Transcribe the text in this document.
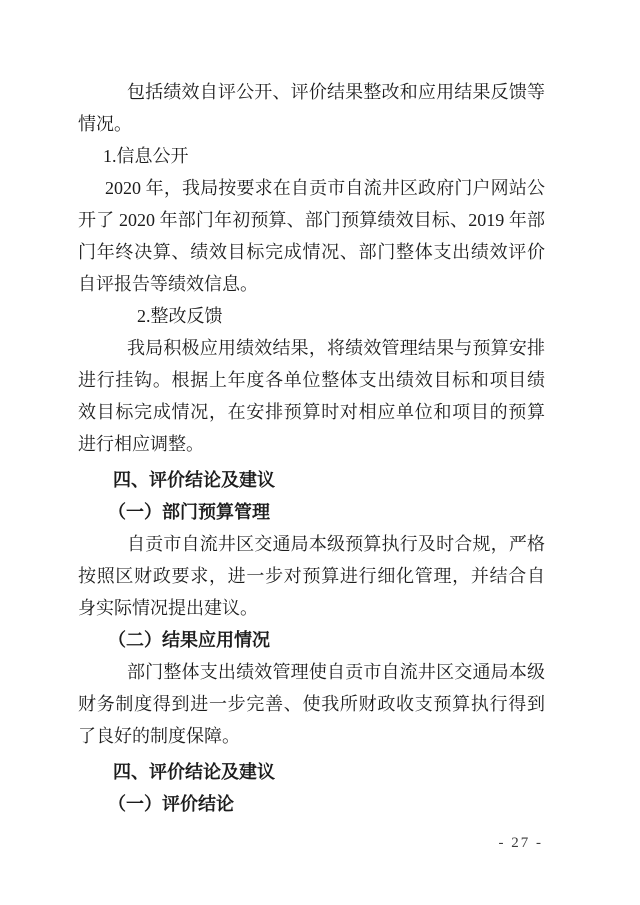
包括绩效自评公开、评价结果整改和应用结果反馈等情况。

1.信息公开

2020 年，我局按要求在自贡市自流井区政府门户网站公开了 2020 年部门年初预算、部门预算绩效目标、2019 年部门年终决算、绩效目标完成情况、部门整体支出绩效评价自评报告等绩效信息。

2.整改反馈

我局积极应用绩效结果，将绩效管理结果与预算安排进行挂钩。根据上年度各单位整体支出绩效目标和项目绩效目标完成情况，在安排预算时对相应单位和项目的预算进行相应调整。

四、评价结论及建议

（一）部门预算管理

自贡市自流井区交通局本级预算执行及时合规，严格按照区财政要求，进一步对预算进行细化管理，并结合自身实际情况提出建议。

（二）结果应用情况

部门整体支出绩效管理使自贡市自流井区交通局本级财务制度得到进一步完善、使我所财政收支预算执行得到了良好的制度保障。

四、评价结论及建议

（一）评价结论

- 27 -
